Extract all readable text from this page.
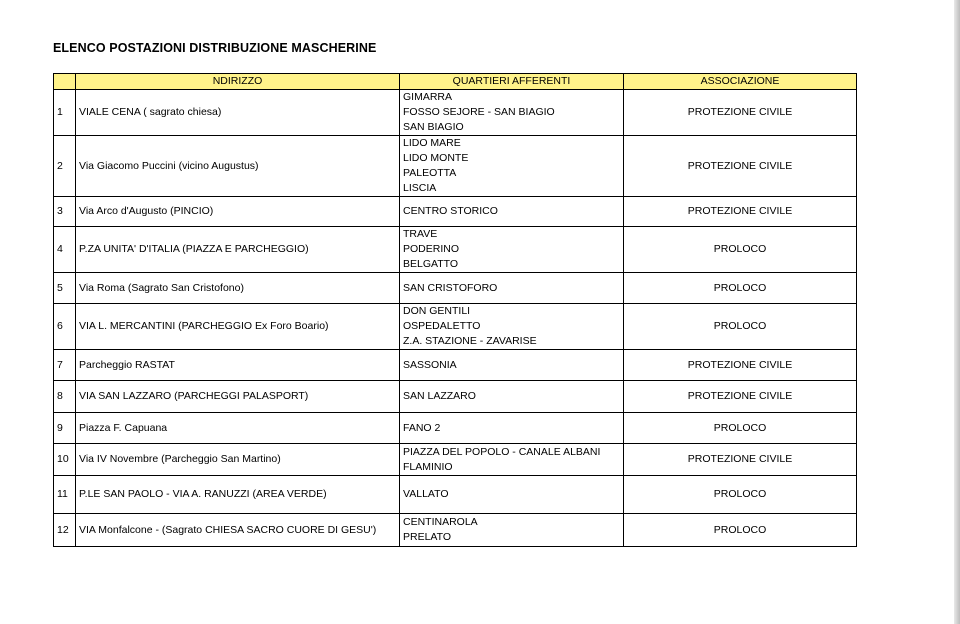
ELENCO POSTAZIONI DISTRIBUZIONE MASCHERINE
	NDIRIZZO	QUARTIERI AFFERENTI	ASSOCIAZIONE
1	VIALE CENA ( sagrato chiesa)	GIMARRA
FOSSO SEJORE - SAN BIAGIO
SAN BIAGIO	PROTEZIONE CIVILE
2	Via Giacomo Puccini (vicino Augustus)	LIDO MARE
LIDO MONTE
PALEOTTA
LISCIA	PROTEZIONE CIVILE
3	Via Arco d'Augusto (PINCIO)	CENTRO STORICO	PROTEZIONE CIVILE
4	P.ZA UNITA' D'ITALIA (PIAZZA E PARCHEGGIO)	TRAVE
PODERINO
BELGATTO	PROLOCO
5	Via Roma (Sagrato San Cristofono)	SAN CRISTOFORO	PROLOCO
6	VIA L. MERCANTINI (PARCHEGGIO Ex Foro Boario)	DON GENTILI
OSPEDALETTO
Z.A. STAZIONE - ZAVARISE	PROLOCO
7	Parcheggio RASTAT	SASSONIA	PROTEZIONE CIVILE
8	VIA SAN LAZZARO (PARCHEGGI PALASPORT)	SAN LAZZARO	PROTEZIONE CIVILE
9	Piazza F. Capuana	FANO 2	PROLOCO
10	Via IV Novembre (Parcheggio San Martino)	PIAZZA DEL POPOLO - CANALE ALBANI
FLAMINIO	PROTEZIONE CIVILE
11	P.LE SAN PAOLO - VIA A. RANUZZI (AREA VERDE)	VALLATO	PROLOCO
12	VIA Monfalcone - (Sagrato CHIESA SACRO CUORE DI GESU')	CENTINAROLA
PRELATO	PROLOCO
